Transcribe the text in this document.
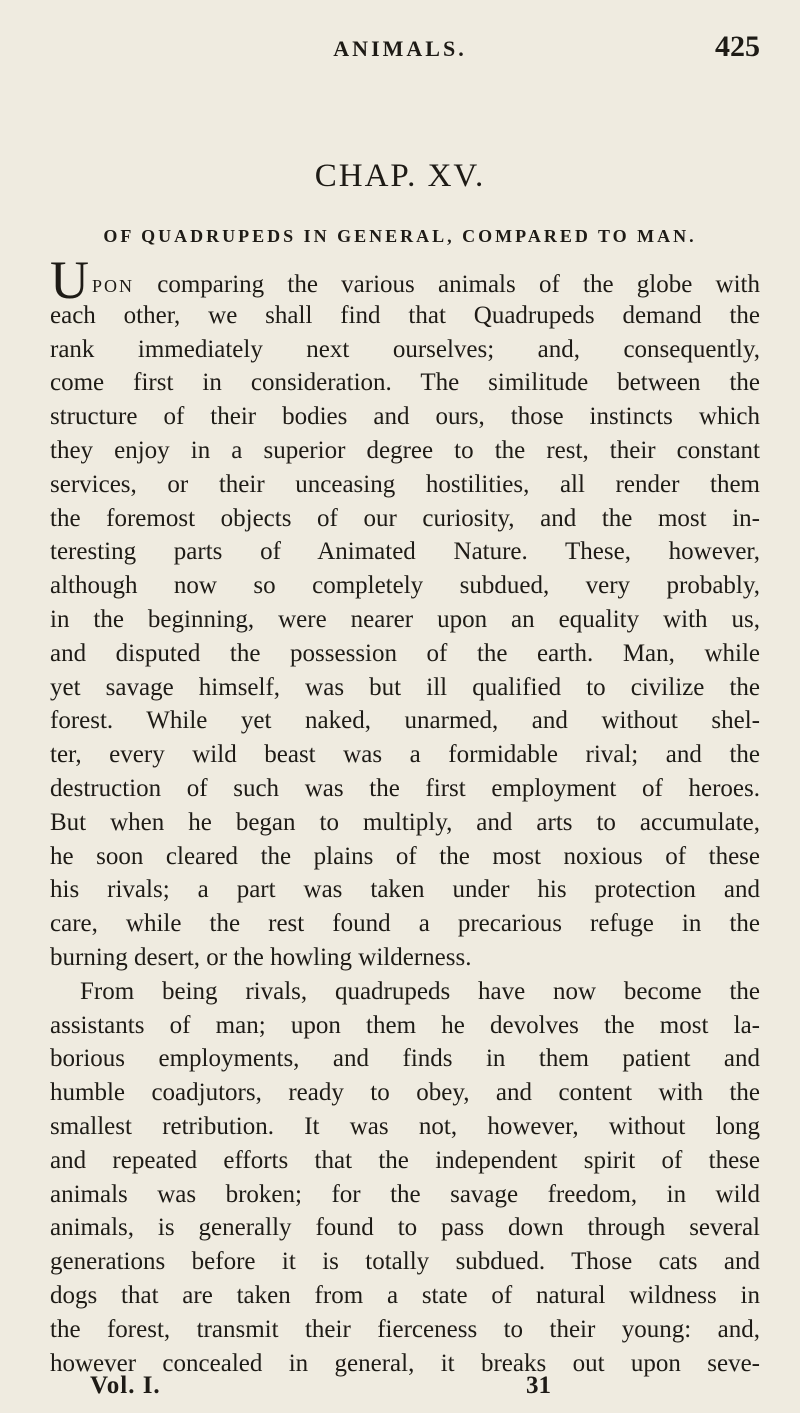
ANIMALS.	425
CHAP. XV.
OF QUADRUPEDS IN GENERAL, COMPARED TO MAN.
UPON comparing the various animals of the globe with
each other, we shall find that Quadrupeds demand the
rank immediately next ourselves; and, consequently,
come first in consideration. The similitude between the
structure of their bodies and ours, those instincts which
they enjoy in a superior degree to the rest, their constant
services, or their unceasing hostilities, all render them
the foremost objects of our curiosity, and the most in-
teresting parts of Animated Nature. These, however,
although now so completely subdued, very probably,
in the beginning, were nearer upon an equality with us,
and disputed the possession of the earth. Man, while
yet savage himself, was but ill qualified to civilize the
forest. While yet naked, unarmed, and without shel-
ter, every wild beast was a formidable rival; and the
destruction of such was the first employment of heroes.
But when he began to multiply, and arts to accumulate,
he soon cleared the plains of the most noxious of these
his rivals; a part was taken under his protection and
care, while the rest found a precarious refuge in the
burning desert, or the howling wilderness.
From being rivals, quadrupeds have now become the
assistants of man; upon them he devolves the most la-
borious employments, and finds in them patient and
humble coadjutors, ready to obey, and content with the
smallest retribution. It was not, however, without long
and repeated efforts that the independent spirit of these
animals was broken; for the savage freedom, in wild
animals, is generally found to pass down through several
generations before it is totally subdued. Those cats and
dogs that are taken from a state of natural wildness in
the forest, transmit their fierceness to their young: and,
however concealed in general, it breaks out upon seve-
Vol. I.	31
